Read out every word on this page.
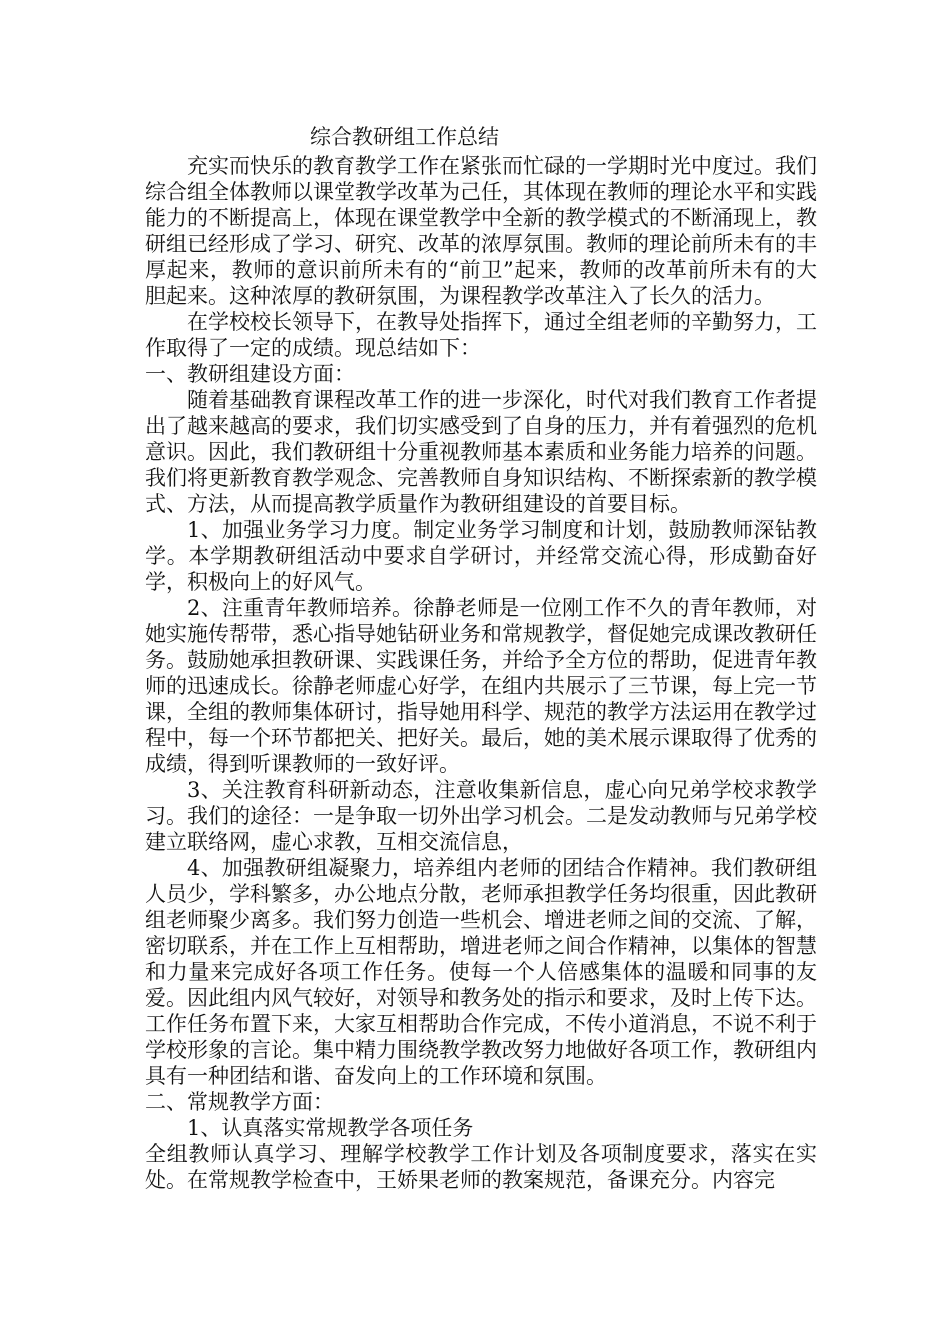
综合教研组工作总结

充实而快乐的教育教学工作在紧张而忙碌的一学期时光中度过。我们综合组全体教师以课堂教学改革为己任，其体现在教师的理论水平和实践能力的不断提高上，体现在课堂教学中全新的教学模式的不断涌现上，教研组已经形成了学习、研究、改革的浓厚氛围。教师的理论前所未有的丰厚起来，教师的意识前所未有的“前卫”起来，教师的改革前所未有的大胆起来。这种浓厚的教研氛围，为课程教学改革注入了长久的活力。

在学校校长领导下，在教导处指挥下，通过全组老师的辛勤努力，工作取得了一定的成绩。现总结如下：

一、教研组建设方面：

随着基础教育课程改革工作的进一步深化，时代对我们教育工作者提出了越来越高的要求，我们切实感受到了自身的压力，并有着强烈的危机意识。因此，我们教研组十分重视教师基本素质和业务能力培养的问题。我们将更新教育教学观念、完善教师自身知识结构、不断探索新的教学模式、方法，从而提高教学质量作为教研组建设的首要目标。

1、加强业务学习力度。制定业务学习制度和计划，鼓励教师深钻教学。本学期教研组活动中要求自学研讨，并经常交流心得，形成勤奋好学，积极向上的好风气。

2、注重青年教师培养。徐静老师是一位刚工作不久的青年教师，对她实施传帮带，悉心指导她钻研业务和常规教学，督促她完成课改教研任务。鼓励她承担教研课、实践课任务，并给予全方位的帮助，促进青年教师的迅速成长。徐静老师虚心好学，在组内共展示了三节课，每上完一节课，全组的教师集体研讨，指导她用科学、规范的教学方法运用在教学过程中，每一个环节都把关、把好关。最后，她的美术展示课取得了优秀的成绩，得到听课教师的一致好评。

3、关注教育科研新动态，注意收集新信息，虚心向兄弟学校求教学习。我们的途径：一是争取一切外出学习机会。二是发动教师与兄弟学校建立联络网，虚心求教，互相交流信息，

4、加强教研组凝聚力，培养组内老师的团结合作精神。我们教研组人员少，学科繁多，办公地点分散，老师承担教学任务均很重，因此教研组老师聚少离多。我们努力创造一些机会、增进老师之间的交流、了解，密切联系，并在工作上互相帮助，增进老师之间合作精神，以集体的智慧和力量来完成好各项工作任务。使每一个人倍感集体的温暖和同事的友爱。因此组内风气较好，对领导和教务处的指示和要求，及时上传下达。工作任务布置下来，大家互相帮助合作完成，不传小道消息，不说不利于学校形象的言论。集中精力围绕教学教改努力地做好各项工作，教研组内具有一种团结和谐、奋发向上的工作环境和氛围。

二、常规教学方面：

1、认真落实常规教学各项任务

全组教师认真学习、理解学校教学工作计划及各项制度要求，落实在实处。在常规教学检查中，王娇果老师的教案规范，备课充分。内容完
